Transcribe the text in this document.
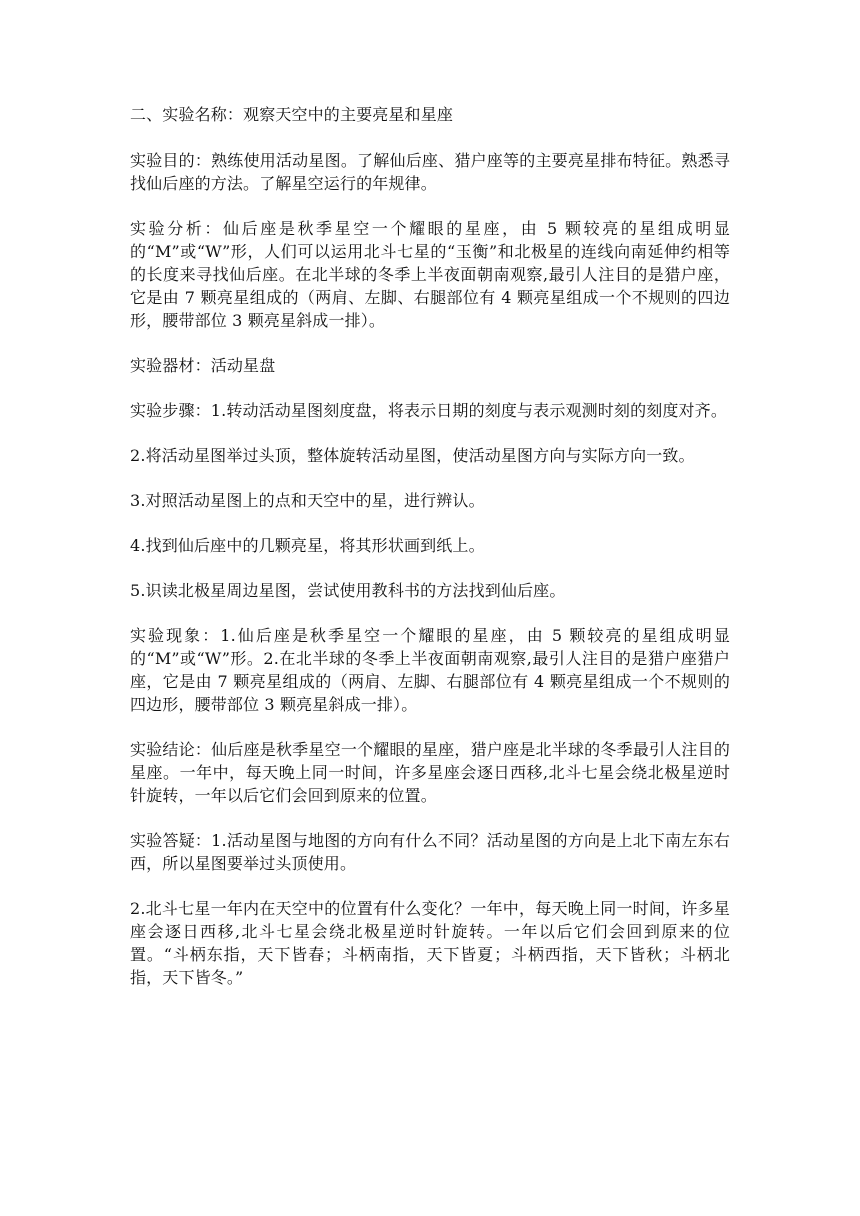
二、实验名称：观察天空中的主要亮星和星座

实验目的：熟练使用活动星图。了解仙后座、猎户座等的主要亮星排布特征。熟悉寻找仙后座的方法。了解星空运行的年规律。

实验分析：仙后座是秋季星空一个耀眼的星座，由 5 颗较亮的星组成明显的“M”或“W”形，人们可以运用北斗七星的“玉衡”和北极星的连线向南延伸约相等的长度来寻找仙后座。在北半球的冬季上半夜面朝南观察,最引人注目的是猎户座，它是由 7 颗亮星组成的（两肩、左脚、右腿部位有 4 颗亮星组成一个不规则的四边形，腰带部位 3 颗亮星斜成一排）。

实验器材：活动星盘

实验步骤：1.转动活动星图刻度盘，将表示日期的刻度与表示观测时刻的刻度对齐。

2.将活动星图举过头顶，整体旋转活动星图，使活动星图方向与实际方向一致。

3.对照活动星图上的点和天空中的星，进行辨认。

4.找到仙后座中的几颗亮星，将其形状画到纸上。

5.识读北极星周边星图，尝试使用教科书的方法找到仙后座。

实验现象：1.仙后座是秋季星空一个耀眼的星座，由 5 颗较亮的星组成明显的“M”或“W”形。2.在北半球的冬季上半夜面朝南观察,最引人注目的是猎户座猎户座，它是由 7 颗亮星组成的（两肩、左脚、右腿部位有 4 颗亮星组成一个不规则的四边形，腰带部位 3 颗亮星斜成一排）。

实验结论：仙后座是秋季星空一个耀眼的星座，猎户座是北半球的冬季最引人注目的星座。一年中，每天晚上同一时间，许多星座会逐日西移,北斗七星会绕北极星逆时针旋转，一年以后它们会回到原来的位置。

实验答疑：1.活动星图与地图的方向有什么不同？活动星图的方向是上北下南左东右西，所以星图要举过头顶使用。

2.北斗七星一年内在天空中的位置有什么变化？一年中，每天晚上同一时间，许多星座会逐日西移,北斗七星会绕北极星逆时针旋转。一年以后它们会回到原来的位置。“斗柄东指，天下皆春；斗柄南指，天下皆夏；斗柄西指，天下皆秋；斗柄北指，天下皆冬。”
